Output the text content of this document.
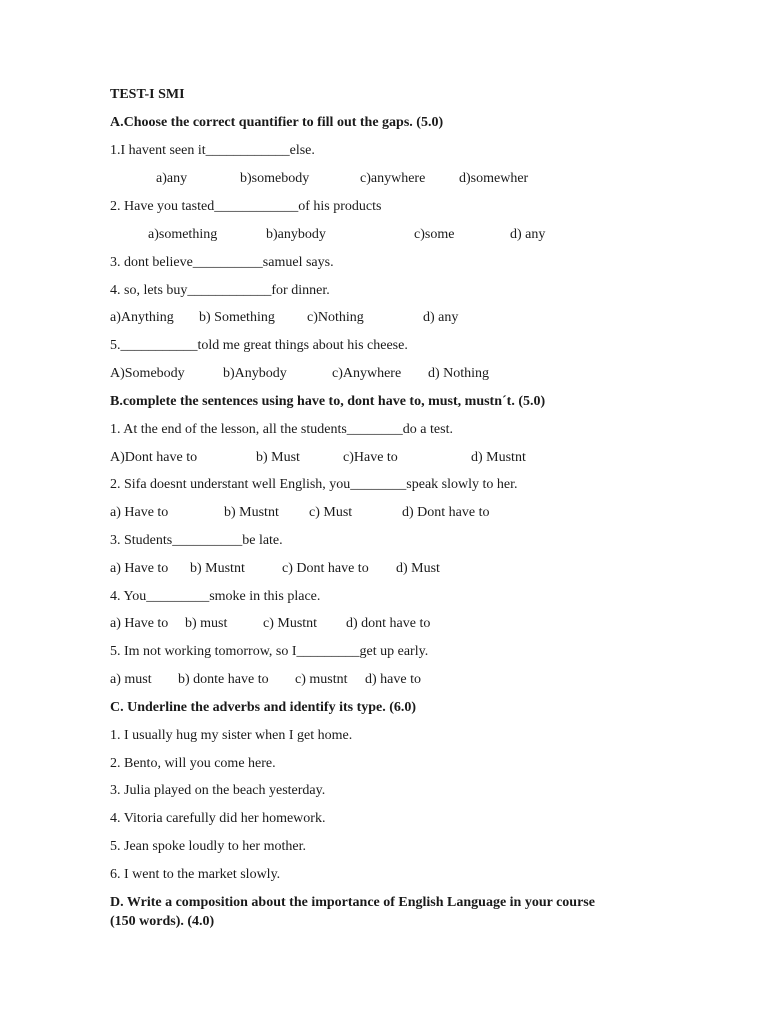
TEST-I SMI
A.Choose the correct quantifier to fill out the gaps. (5.0)
1.I havent seen it____________else.
a)any	b)somebody	c)anywhere d)somewher
2. Have you tasted____________of his products
a)something	b)anybody	c)some	d) any
3. dont believe__________samuel says.
4. so, lets buy____________for dinner.
a)Anything b) Something c)Nothing	d) any
5.___________told me great things about his cheese.
A)Somebody	b)Anybody	c)Anywhere d) Nothing
B.complete the sentences using have to, dont have to, must, mustn´t. (5.0)
1. At the end of the lesson, all the students________do a test.
A)Dont have to	b) Must	c)Have to	d) Mustnt
2. Sifa doesnt understant well English, you________speak slowly to her.
a) Have to	b) Mustnt c) Must	d) Dont have to
3. Students__________be late.
a) Have to b) Mustnt	c) Dont have to d) Must
4. You_________smoke in this place.
a) Have to b) must	c) Mustnt d) dont have to
5. Im not working tomorrow, so I_________get up early.
a) must b) donte have to c) mustnt d) have to
C. Underline the adverbs and identify its type. (6.0)
1. I usually hug my sister when I get home.
2. Bento, will you come here.
3. Julia played on the beach yesterday.
4. Vitoria carefully did her homework.
5. Jean spoke loudly to her mother.
6. I went to the market slowly.
D. Write a composition about the importance of English Language in your course
(150 words). (4.0)
